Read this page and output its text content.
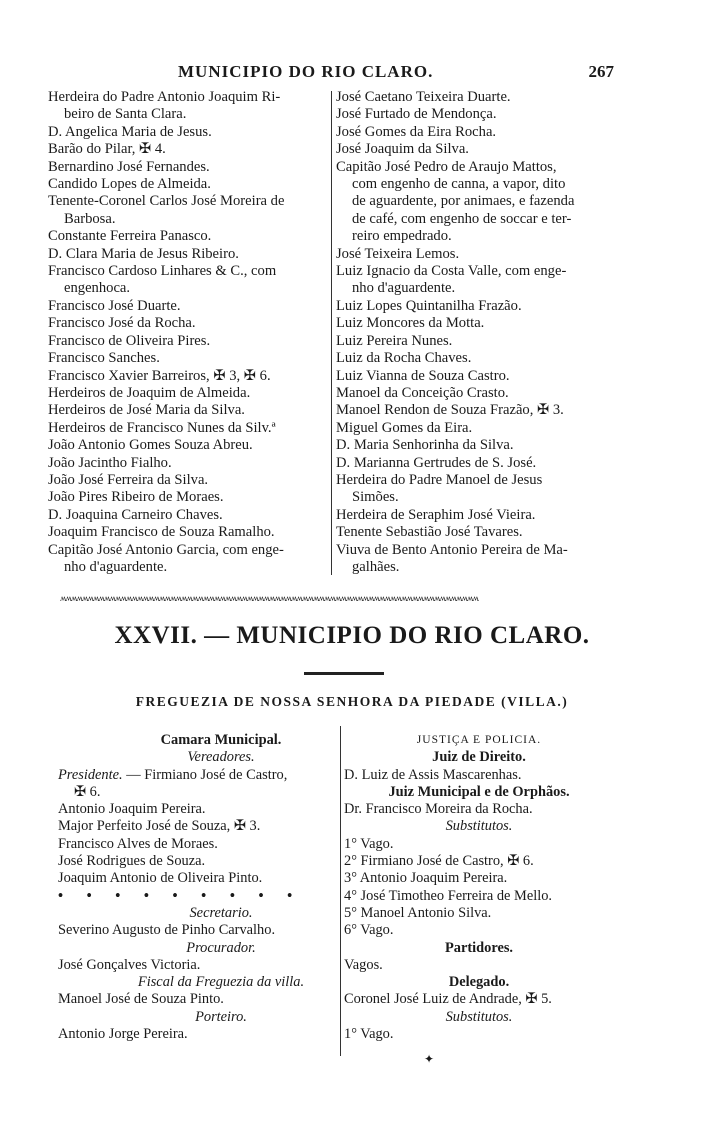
MUNICIPIO DO RIO CLARO.	267
Herdeira do Padre Antonio Joaquim Ri-

beiro de Santa Clara.
D. Angelica Maria de Jesus.
Barão do Pilar, ✠ 4.
Bernardino José Fernandes.
Candido Lopes de Almeida.
Tenente-Coronel Carlos José Moreira de

Barbosa.
Constante Ferreira Panasco.
D. Clara Maria de Jesus Ribeiro.
Francisco Cardoso Linhares & C., com

engenhoca.
Francisco José Duarte.
Francisco José da Rocha.
Francisco de Oliveira Pires.
Francisco Sanches.
Francisco Xavier Barreiros, ✠ 3, ✠ 6.
Herdeiros de Joaquim de Almeida.
Herdeiros de José Maria da Silva.
Herdeiros de Francisco Nunes da Silv.ª
João Antonio Gomes Souza Abreu.
João Jacintho Fialho.
João José Ferreira da Silva.
João Pires Ribeiro de Moraes.
D. Joaquina Carneiro Chaves.
Joaquim Francisco de Souza Ramalho.
Capitão José Antonio Garcia, com enge-

nho d'aguardente.
José Caetano Teixeira Duarte.
José Furtado de Mendonça.
José Gomes da Eira Rocha.
José Joaquim da Silva.
Capitão José Pedro de Araujo Mattos,

com engenho de canna, a vapor, dito
de aguardente, por animaes, e fazenda
de café, com engenho de soccar e ter-
reiro empedrado.
José Teixeira Lemos.
Luiz Ignacio da Costa Valle, com enge-

nho d'aguardente.
Luiz Lopes Quintanilha Frazão.
Luiz Moncores da Motta.
Luiz Pereira Nunes.
Luiz da Rocha Chaves.
Luiz Vianna de Souza Castro.
Manoel da Conceição Crasto.
Manoel Rendon de Souza Frazão, ✠ 3.
Miguel Gomes da Eira.
D. Maria Senhorinha da Silva.
D. Marianna Gertrudes de S. José.
Herdeira do Padre Manoel de Jesus

Simões.
Herdeira de Seraphim José Vieira.
Tenente Sebastião José Tavares.
Viuva de Bento Antonio Pereira de Ma-

galhães.
ʍʍʍʍʍʍʍʍʍʍʍʍʍʍʍʍʍʍʍʍʍʍʍʍʍʍʍʍʍʍʍʍʍʍʍʍʍʍʍʍʍʍʍʍʍʍʍʍʍʍʍʍʍʍʍʍʍʍʍʍʍʍʍʍʍʍʍʍʍʍʍʍʍʍʍʍ
XXVII. — MUNICIPIO DO RIO CLARO.
FREGUEZIA DE NOSSA SENHORA DA PIEDADE (VILLA.)
Camara Municipal.
Vereadores.
Presidente. — Firmiano José de Castro,
✠ 6.
Antonio Joaquim Pereira.
Major Perfeito José de Souza, ✠ 3.
Francisco Alves de Moraes.
José Rodrigues de Souza.
Joaquim Antonio de Oliveira Pinto.
• • • • • • • • •
Secretario.
Severino Augusto de Pinho Carvalho.
Procurador.
José Gonçalves Victoria.
Fiscal da Freguezia da villa.
Manoel José de Souza Pinto.
Porteiro.
Antonio Jorge Pereira.
JUSTIÇA E POLICIA.
Juiz de Direito.
D. Luiz de Assis Mascarenhas.
Juiz Municipal e de Orphãos.
Dr. Francisco Moreira da Rocha.
Substitutos.
1° Vago.
2° Firmiano José de Castro, ✠ 6.
3° Antonio Joaquim Pereira.
4° José Timotheo Ferreira de Mello.
5° Manoel Antonio Silva.
6° Vago.
Partidores.
Vagos.
Delegado.
Coronel José Luiz de Andrade, ✠ 5.
Substitutos.
1° Vago.
✦
